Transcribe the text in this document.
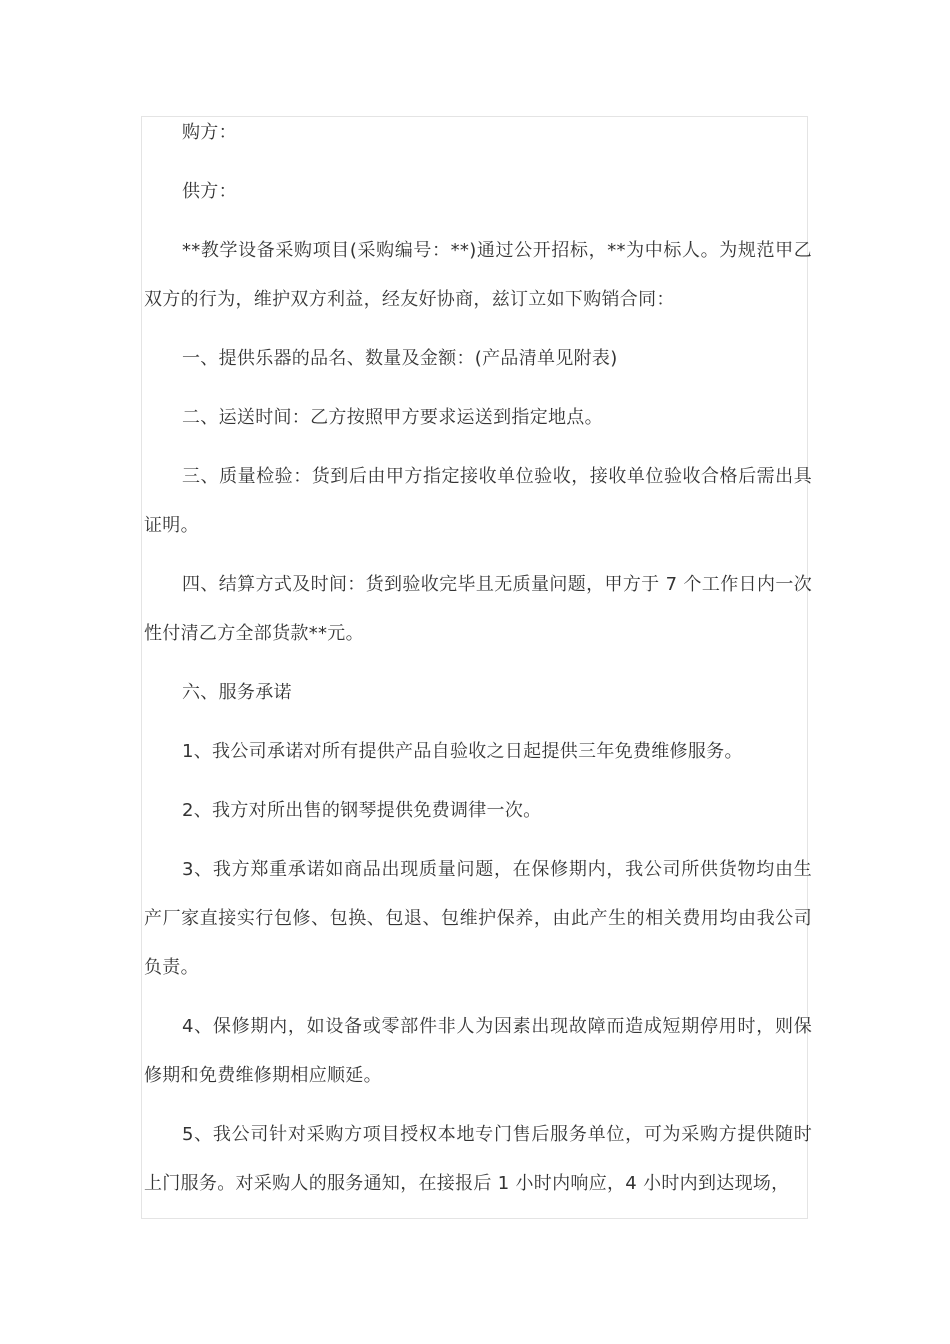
购方：

供方：

**教学设备采购项目(采购编号：**)通过公开招标，**为中标人。为规范甲乙双方的行为，维护双方利益，经友好协商，兹订立如下购销合同：

一、提供乐器的品名、数量及金额：(产品清单见附表)

二、运送时间：乙方按照甲方要求运送到指定地点。

三、质量检验：货到后由甲方指定接收单位验收，接收单位验收合格后需出具证明。

四、结算方式及时间：货到验收完毕且无质量问题，甲方于 7 个工作日内一次性付清乙方全部货款**元。

六、服务承诺

1、我公司承诺对所有提供产品自验收之日起提供三年免费维修服务。

2、我方对所出售的钢琴提供免费调律一次。

3、我方郑重承诺如商品出现质量问题，在保修期内，我公司所供货物均由生产厂家直接实行包修、包换、包退、包维护保养，由此产生的相关费用均由我公司负责。

4、保修期内，如设备或零部件非人为因素出现故障而造成短期停用时，则保修期和免费维修期相应顺延。

5、我公司针对采购方项目授权本地专门售后服务单位，可为采购方提供随时上门服务。对采购人的服务通知，在接报后 1 小时内响应，4 小时内到达现场，
